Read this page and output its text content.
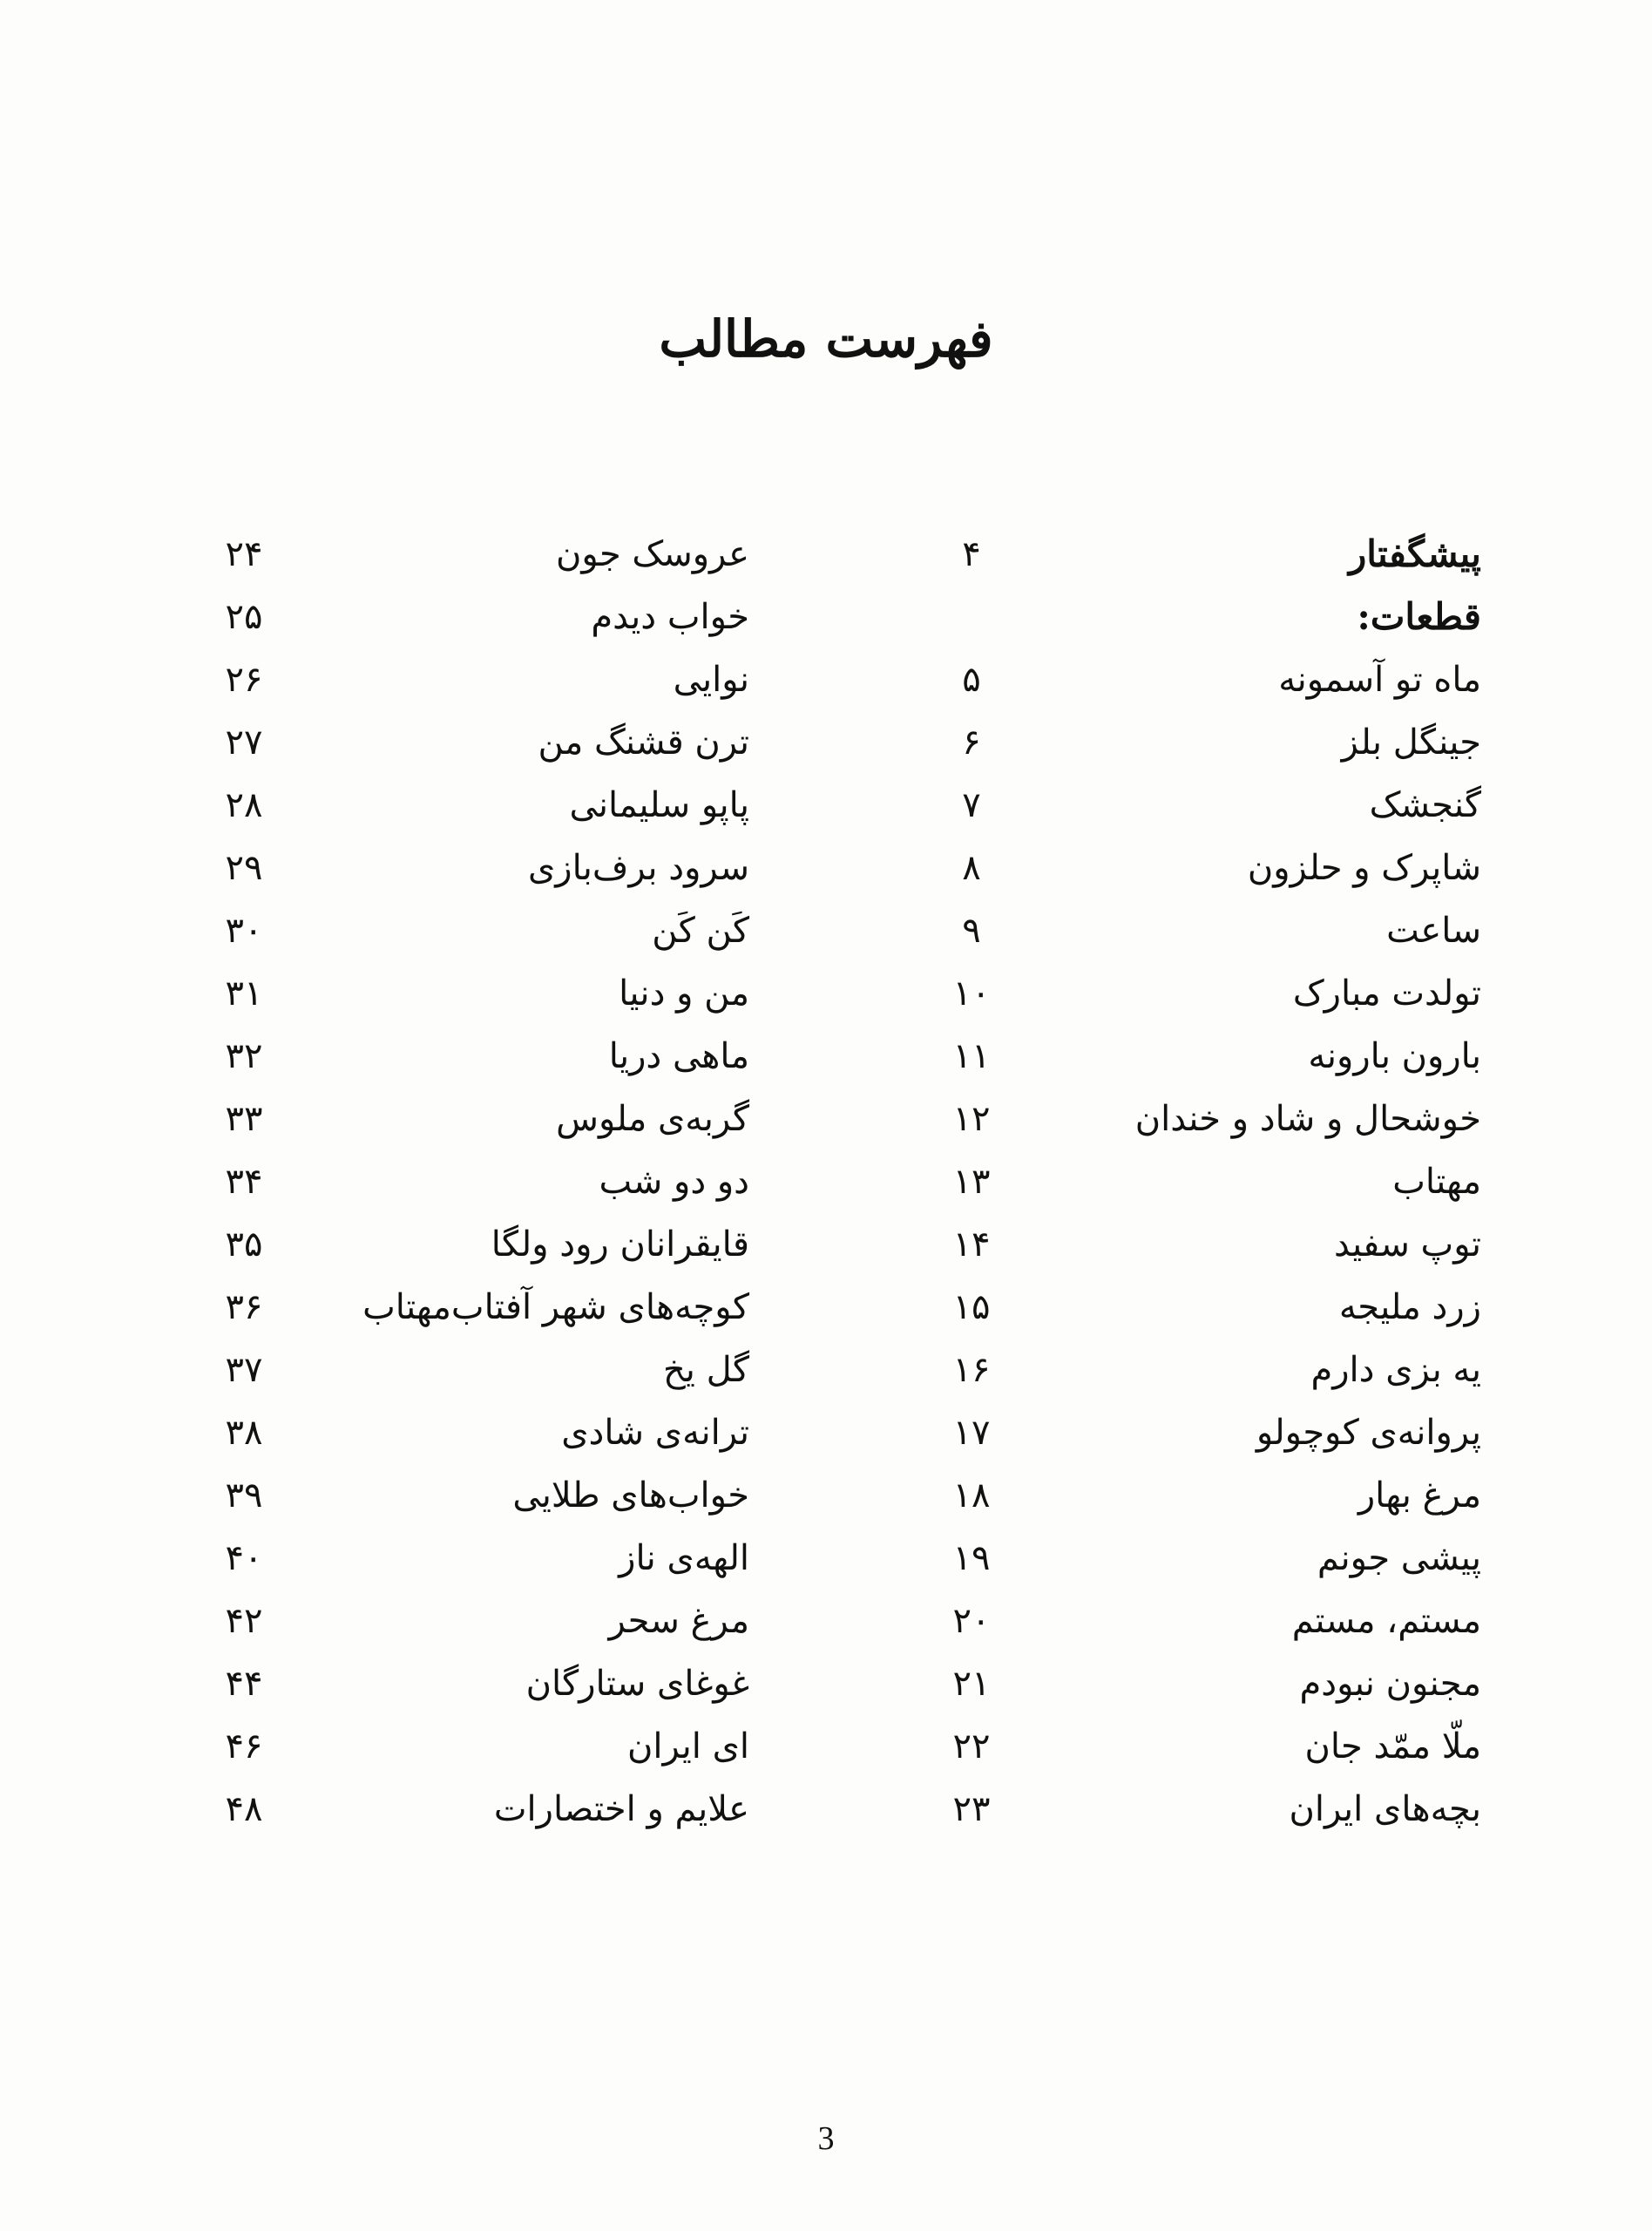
فهرست مطالب
پیشگفتار
۴
قطعات:
ماه تو آسمونه
۵
جینگل بلز
۶
گنجشک
۷
شاپرک و حلزون
۸
ساعت
۹
تولدت مبارک
۱۰
بارون بارونه
۱۱
خوشحال و شاد و خندان
۱۲
مهتاب
۱۳
توپ سفید
۱۴
زرد ملیجه
۱۵
یه بزی دارم
۱۶
پروانه‌ی کوچولو
۱۷
مرغ بهار
۱۸
پیشی جونم
۱۹
مستم، مستم
۲۰
مجنون نبودم
۲۱
ملّا ممّد جان
۲۲
بچه‌های ایران
۲۳
عروسک جون
۲۴
خواب دیدم
۲۵
نوایی
۲۶
ترن قشنگ من
۲۷
پاپو سلیمانی
۲۸
سرود برف‌بازی
۲۹
کَن کَن
۳۰
من و دنیا
۳۱
ماهی دریا
۳۲
گربه‌ی ملوس
۳۳
دو دو شب
۳۴
قایقرانان رود ولگا
۳۵
کوچه‌های شهر آفتاب‌مهتاب
۳۶
گل یخ
۳۷
ترانه‌ی شادی
۳۸
خواب‌های طلایی
۳۹
الهه‌ی ناز
۴۰
مرغ سحر
۴۲
غوغای ستارگان
۴۴
ای ایران
۴۶
علایم و اختصارات
۴۸
3
